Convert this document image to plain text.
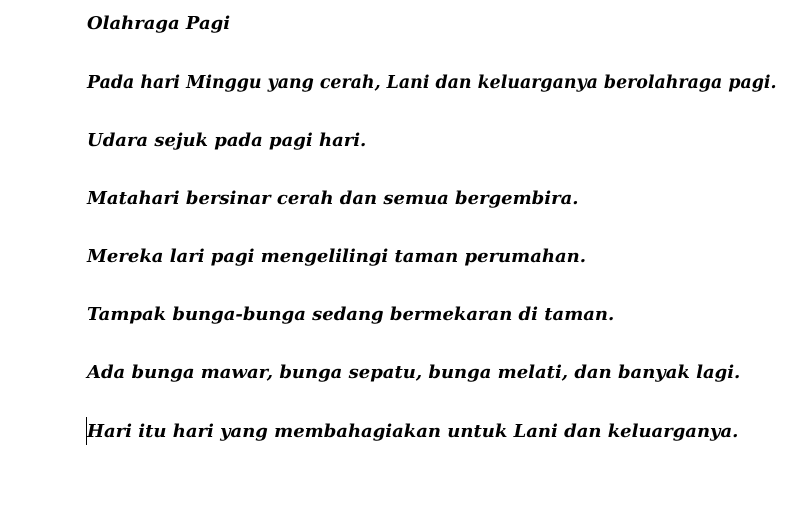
Olahraga Pagi

Pada hari Minggu yang cerah, Lani dan keluarganya berolahraga pagi.

Udara sejuk pada pagi hari.

Matahari bersinar cerah dan semua bergembira.

Mereka lari pagi mengelilingi taman perumahan.

Tampak bunga-bunga sedang bermekaran di taman.

Ada bunga mawar, bunga sepatu, bunga melati, dan banyak lagi.

Hari itu hari yang membahagiakan untuk Lani dan keluarganya.
